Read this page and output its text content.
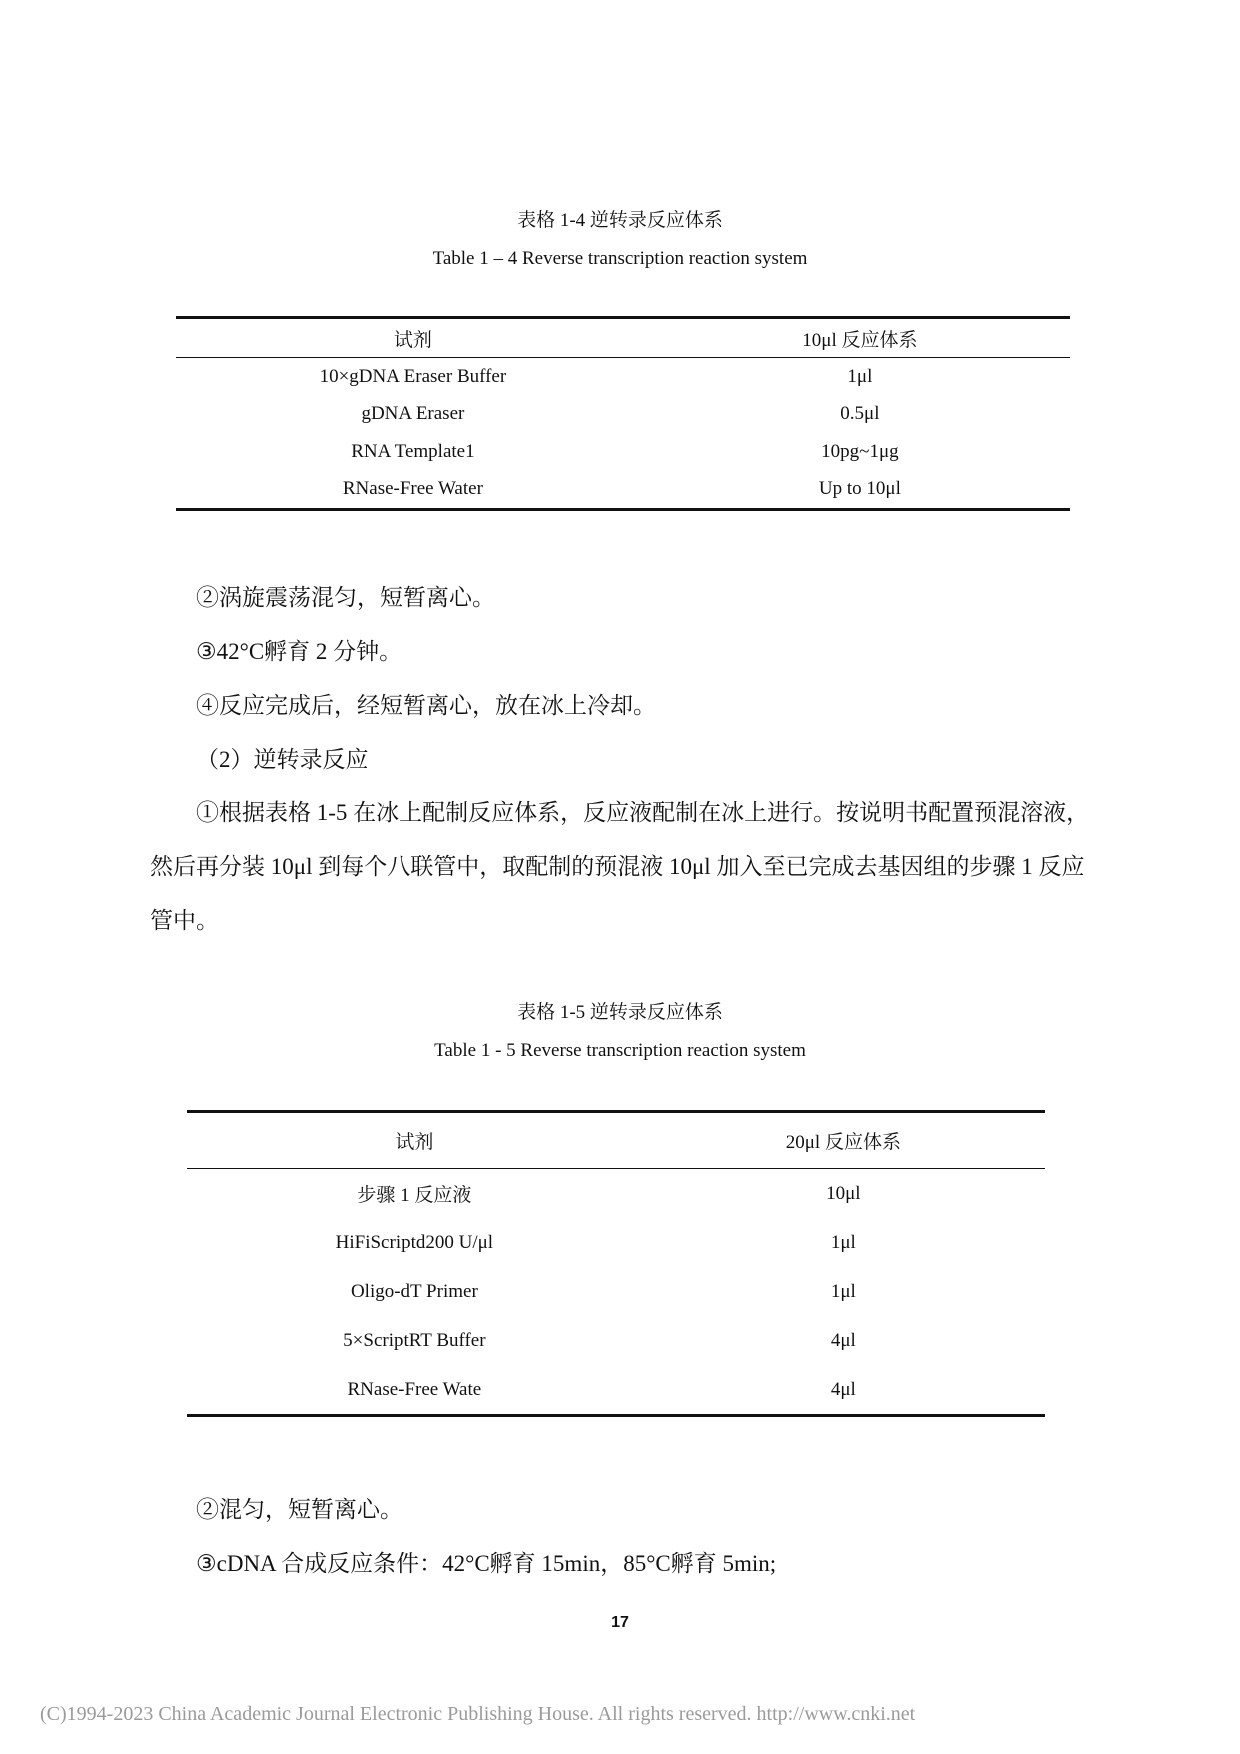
表格 1-4 逆转录反应体系
Table 1 – 4 Reverse transcription reaction system
试剂	10μl 反应体系
10×gDNA Eraser Buffer	1μl
gDNA Eraser	0.5μl
RNA Template1	10pg~1μg
RNase-Free Water	Up to 10μl
②涡旋震荡混匀，短暂离心。
③42°C孵育 2 分钟。
④反应完成后，经短暂离心，放在冰上冷却。
（2）逆转录反应
①根据表格 1-5 在冰上配制反应体系，反应液配制在冰上进行。按说明书配置预混溶液，然后再分装 10μl 到每个八联管中，取配制的预混液 10μl 加入至已完成去基因组的步骤 1 反应管中。
表格 1-5 逆转录反应体系
Table 1 - 5 Reverse transcription reaction system
试剂	20μl 反应体系
步骤 1 反应液	10μl
HiFiScriptd200 U/μl	1μl
Oligo-dT Primer	1μl
5×ScriptRT Buffer	4μl
RNase-Free Wate	4μl
②混匀，短暂离心。
③cDNA 合成反应条件：42°C孵育 15min，85°C孵育 5min;
17
(C)1994-2023 China Academic Journal Electronic Publishing House. All rights reserved. http://www.cnki.net
